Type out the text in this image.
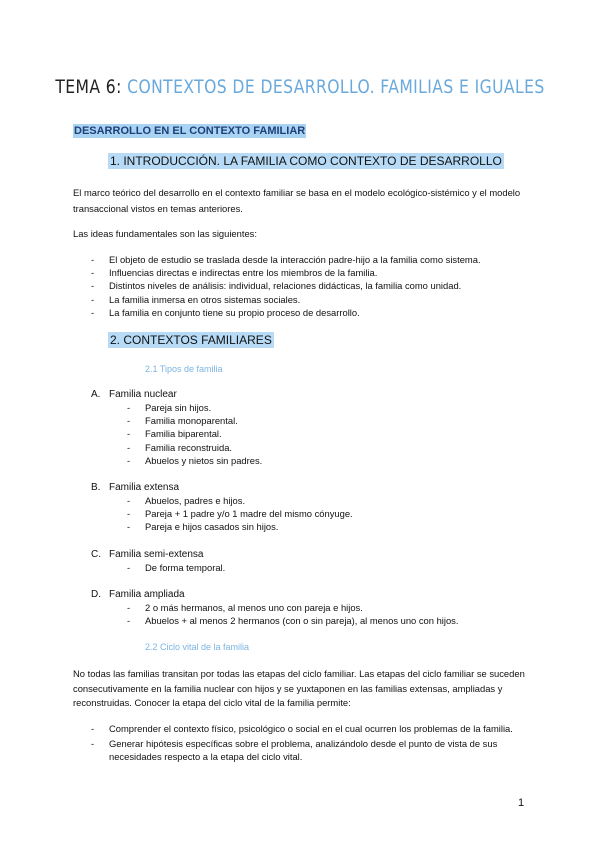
TEMA 6: CONTEXTOS DE DESARROLLO. FAMILIAS E IGUALES
DESARROLLO EN EL CONTEXTO FAMILIAR
1. INTRODUCCIÓN. LA FAMILIA COMO CONTEXTO DE DESARROLLO

El marco teórico del desarrollo en el contexto familiar se basa en el modelo ecológico-sistémico y el modelo transaccional vistos en temas anteriores.

Las ideas fundamentales son las siguientes:

- El objeto de estudio se traslada desde la interacción padre-hijo a la familia como sistema.
- Influencias directas e indirectas entre los miembros de la familia.
- Distintos niveles de análisis: individual, relaciones didácticas, la familia como unidad.
- La familia inmersa en otros sistemas sociales.
- La familia en conjunto tiene su propio proceso de desarrollo.
2. CONTEXTOS FAMILIARES
2.1 Tipos de familia
A. Familia nuclear
- Pareja sin hijos.
- Familia monoparental.
- Familia biparental.
- Familia reconstruida.
- Abuelos y nietos sin padres.
B. Familia extensa
- Abuelos, padres e hijos.
- Pareja + 1 padre y/o 1 madre del mismo cónyuge.
- Pareja e hijos casados sin hijos.
C. Familia semi-extensa
- De forma temporal.
D. Familia ampliada
- 2 o más hermanos, al menos uno con pareja e hijos.
- Abuelos + al menos 2 hermanos (con o sin pareja), al menos uno con hijos.
2.2 Ciclo vital de la familia

No todas las familias transitan por todas las etapas del ciclo familiar. Las etapas del ciclo familiar se suceden consecutivamente en la familia nuclear con hijos y se yuxtaponen en las familias extensas, ampliadas y reconstruidas. Conocer la etapa del ciclo vital de la familia permite:

- Comprender el contexto físico, psicológico o social en el cual ocurren los problemas de la familia.
- Generar hipótesis específicas sobre el problema, analizándolo desde el punto de vista de sus necesidades respecto a la etapa del ciclo vital.
1
